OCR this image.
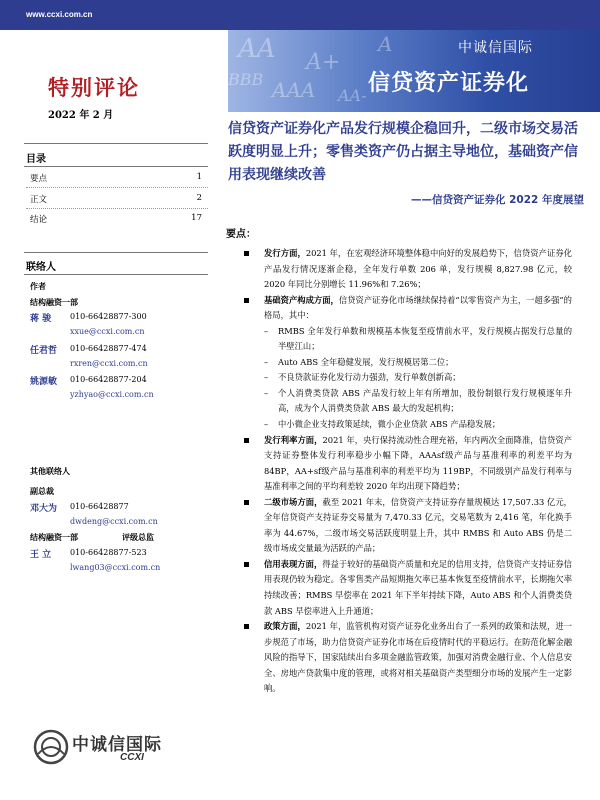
www.ccxi.com.cn
AA A+
BBB AAA
A
AA-
中诚信国际
信贷资产证券化
特别评论
2022 年 2 月
目录
要点	1
正文	2
结论	17
联络人
作者
结构融资一部
蒋 骏 010-66428877-300
xxue@ccxi.com.cn
任君哲 010-66428877-474
rxren@ccxi.com.cn
姚源敏 010-66428877-204
yzhyao@ccxi.com.cn
其他联络人
副总裁
邓大为 010-66428877
dwdeng@ccxi.com.cn
结构融资一部	评级总监
王 立 010-66428877-523
lwang03@ccxi.com.cn
信贷资产证券化产品发行规模企稳回升，二级市场交易活跃度明显上升；零售类资产仍占据主导地位，基础资产信用表现继续改善
——信贷资产证券化 2022 年度展望
要点：
发行方面，2021 年，在宏观经济环境整体稳中向好的发展趋势下，信贷资产证券化产品发行情况逐渐企稳，全年发行单数 206 单，发行规模 8,827.98 亿元，较 2020 年同比分别增长 11.96%和 7.26%；
基础资产构成方面，信贷资产证券化市场继续保持着“以零售资产为主，一超多强”的格局，其中：
– RMBS 全年发行单数和规模基本恢复至疫情前水平，发行规模占据发行总量的半壁江山；
– Auto ABS 全年稳健发展，发行规模居第二位；
– 不良贷款证券化发行动力强劲，发行单数创新高；
– 个人消费类贷款 ABS 产品发行较上年有所增加，股份制银行发行规模逐年升高，成为个人消费类贷款 ABS 最大的发起机构；
– 中小微企业支持政策延续，微小企业贷款 ABS 产品稳发展；
发行利率方面，2021 年，央行保持流动性合理充裕，年内两次全面降准，信贷资产支持证券整体发行利率稳步小幅下降，AAAsf级产品与基准利率的利差平均为 84BP，AA+sf级产品与基准利率的利差平均为 119BP，不同级别产品发行利率与基准利率之间的平均利差较 2020 年均出现下降趋势；
二级市场方面，截至 2021 年末，信贷资产支持证券存量规模达 17,507.33 亿元，全年信贷资产支持证券交易量为 7,470.33 亿元，交易笔数为 2,416 笔，年化换手率为 44.67%，二级市场交易活跃度明显上升，其中 RMBS 和 Auto ABS 仍是二级市场成交量最为活跃的产品；
信用表现方面，得益于较好的基础资产质量和充足的信用支持，信贷资产支持证券信用表现仍较为稳定。各零售类产品短期拖欠率已基本恢复至疫情前水平，长期拖欠率持续改善；RMBS 早偿率在 2021 年下半年持续下降，Auto ABS 和个人消费类贷款 ABS 早偿率进入上升通道；
政策方面，2021 年，监管机构对资产证券化业务出台了一系列的政策和法规，进一步规范了市场，助力信贷资产证券化市场在后疫情时代的平稳运行。在防范化解金融风险的指导下，国家陆续出台多项金融监管政策，加强对消费金融行业、个人信息安全、房地产贷款集中度的管理，或将对相关基础资产类型细分市场的发展产生一定影响。
中诚信国际
CCXI
